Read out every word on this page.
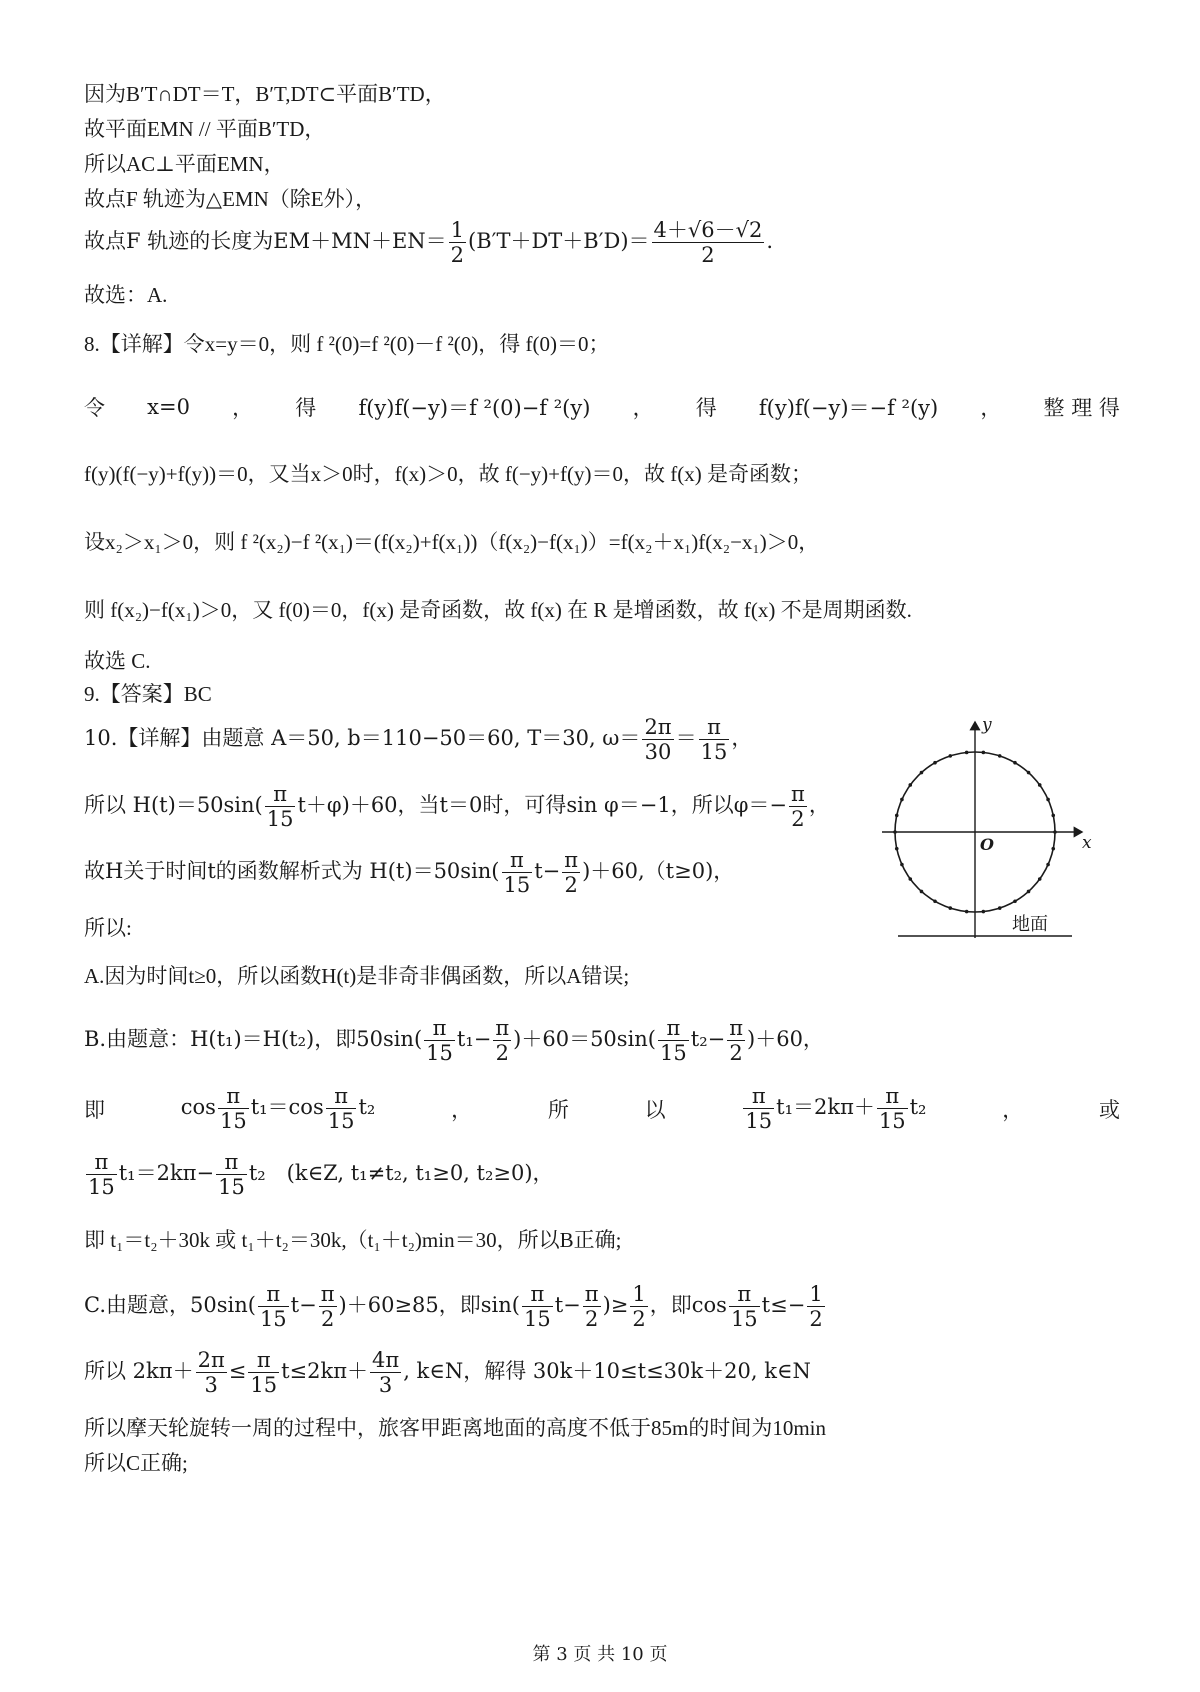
因为B′T∩DT＝T，B′T,DT⊂平面B′TD，
故平面EMN // 平面B′TD，
所以AC⊥平面EMN，
故点F 轨迹为△EMN（除E外），
故点F 轨迹的长度为$EM+MN+EN= \frac{1}{2} (B'T+DT+B'D)= \frac{4+√6-√2}{2}$ .
故选：A.
8.【详解】令x=y＝0，则 f ²(0)=f ²(0)－f ²(0)，得 f(0)＝0；
令 x=0 ， 得 f(y)f(−y)＝f ²(0)−f ²(y) ， 得 f(y)f(−y)＝−f ²(y) ， 整 理 得
f(y)(f(−y)+f(y))＝0，又当x＞0时，f(x)＞0，故 f(−y)+f(y)＝0，故 f(x) 是奇函数；
设x₂＞x₁＞0，则 f ²(x₂)−f ²(x₁)＝(f(x₂)+f(x₁))（f(x₂)−f(x₁)）=f(x₂＋x₁)f(x₂−x₁)＞0，
则 f(x₂)−f(x₁)＞0，又 f(0)＝0，f(x) 是奇函数，故 f(x) 在 R 是增函数，故 f(x) 不是周期函数.
故选 C.
9.【答案】BC
10.【详解】由题意 A＝50, b＝110−50＝60, T＝30, $\omega= \frac{2\pi}{30} = \frac{\pi}{15}$ ，
所以 $H(t)=50\sin( \frac{\pi}{15} t+\varphi)+60$，当t＝0时，可得sin φ＝−1，所以$\varphi=- \frac{\pi}{2}$ ，
故H关于时间t的函数解析式为 $H(t)=50\sin( \frac{\pi}{15} t- \frac{\pi}{2} )+60,(t\ge 0)$，
所以:
y
x
O
地面
A.因为时间t≥0，所以函数H(t)是非奇非偶函数，所以A错误;
B.由题意：H(t₁)＝H(t₂)，即$50\sin( \frac{\pi}{15} t_1- \frac{\pi}{2} )+60=50\sin( \frac{\pi}{15} t_2- \frac{\pi}{2} )+60$，
即	$\cos \frac{\pi}{15} t_1=\cos \frac{\pi}{15} t_2$	，	所	以	$\frac{\pi}{15} t_1=2k\pi+ \frac{\pi}{15} t_2$	，	或
$\frac{\pi}{15} t_1=2k\pi- \frac{\pi}{15} t_2$　(k∈Z, t₁≠t₂, t₁≥0, t₂≥0)，
即 t₁＝t₂＋30k 或 t₁＋t₂＝30k,（t₁＋t₂)min＝30，所以B正确;
C.由题意，$50\sin( \frac{\pi}{15} t- \frac{\pi}{2} )+60\ge 85$，即$\sin( \frac{\pi}{15} t- \frac{\pi}{2}$ )≥ $\frac{1}{2}$ ，即$\cos \frac{\pi}{15} t\le- \frac{1}{2}$
所以 $2k\pi+ \frac{2\pi}{3} \le \frac{\pi}{15} t\le 2k\pi+ \frac{4\pi}{3}$ , k∈N，解得 30k＋10≤t≤30k＋20, k∈N
所以摩天轮旋转一周的过程中，旅客甲距离地面的高度不低于85m的时间为10min
所以C正确;
第 3 页 共 10 页
